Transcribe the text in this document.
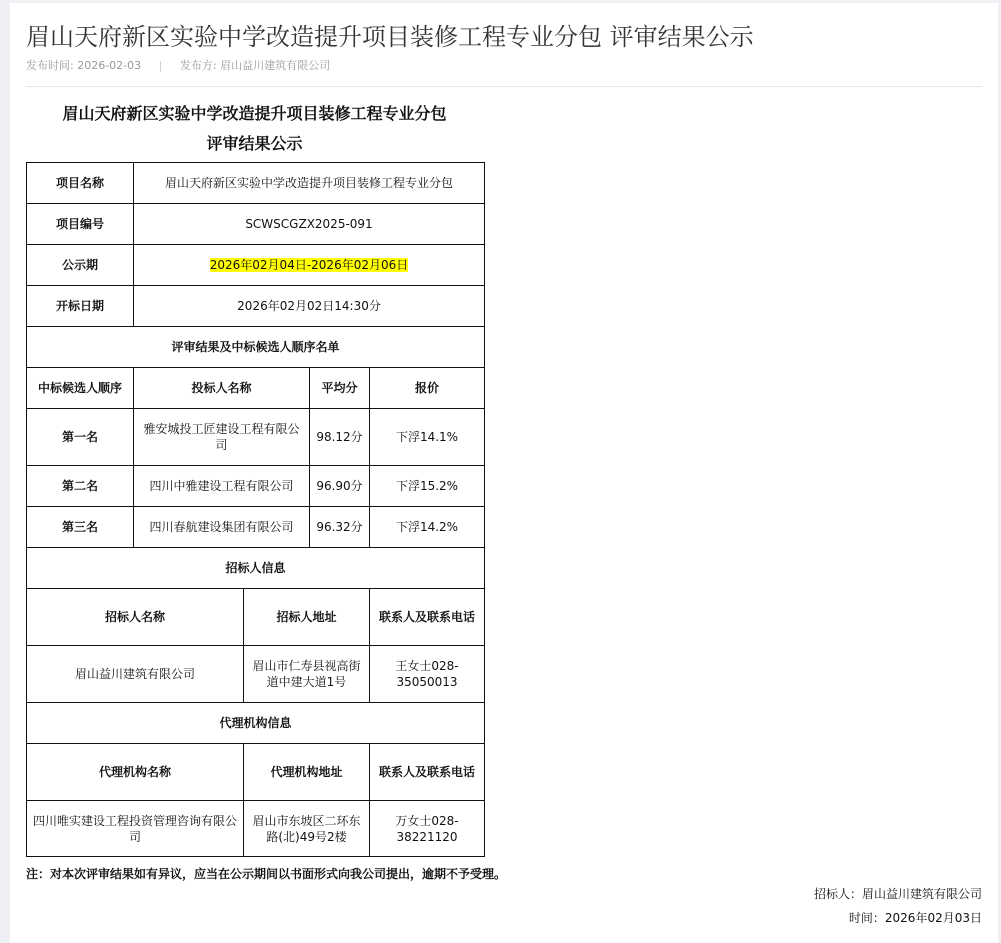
眉山天府新区实验中学改造提升项目装修工程专业分包 评审结果公示
发布时间: 2026-02-03 | 发布方: 眉山益川建筑有限公司
眉山天府新区实验中学改造提升项目装修工程专业分包
评审结果公示
项目名称	眉山天府新区实验中学改造提升项目装修工程专业分包			
项目编号	SCWSCGZX2025-091			
公示期	2026年02月04日-2026年02月06日			
开标日期	2026年02月02日14:30分			
评审结果及中标候选人顺序名单				
中标候选人顺序	投标人名称		平均分	报价
第一名	雅安城投工匠建设工程有限公司		98.12分	下浮14.1%
第二名	四川中雅建设工程有限公司		96.90分	下浮15.2%
第三名	四川春航建设集团有限公司		96.32分	下浮14.2%
招标人信息				
招标人名称		招标人地址		联系人及联系电话
眉山益川建筑有限公司		眉山市仁寿县视高街道中建大道1号		王女士028-35050013
代理机构信息				
代理机构名称		代理机构地址		联系人及联系电话
四川唯实建设工程投资管理咨询有限公司		眉山市东坡区二环东路(北)49号2楼		万女士028-38221120
注：对本次评审结果如有异议，应当在公示期间以书面形式向我公司提出，逾期不予受理。
招标人：眉山益川建筑有限公司
时间：2026年02月03日
